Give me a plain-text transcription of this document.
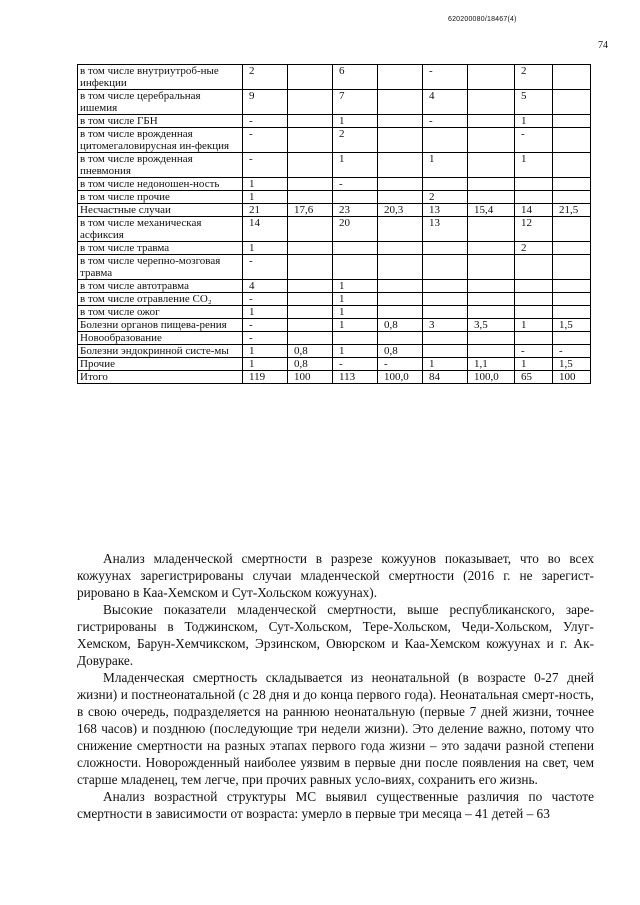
620200080/18467(4)
74
в том числе внутриутроб-ные инфекции	2		6		-		2	
в том числе церебральная ишемия	9		7		4		5	
в том числе ГБН	-		1		-		1	
в том числе врожденная цитомегаловирусная ин-фекция	-		2				-	
в том числе врожденная пневмония	-		1		1		1	
в том числе недоношен-ность	1		-					
в том числе прочие	1				2			
Несчастные случаи	21	17,6	23	20,3	13	15,4	14	21,5
в том числе механическая асфиксия	14		20		13		12	
в том числе травма	1						2	
в том числе черепно-мозговая травма	-							
в том числе автотравма	4		1					
в том числе отравление CO₂	-		1					
в том числе ожог	1		1					
Болезни органов пищева-рения	-		1	0,8	3	3,5	1	1,5
Новообразование	-							
Болезни эндокринной систе-мы	1	0,8	1	0,8			-	-
Прочие	1	0,8	-	-	1	1,1	1	1,5
Итого	119	100	113	100,0	84	100,0	65	100

Анализ младенческой смертности в разрезе кожуунов показывает, что во всех кожуунах зарегистрированы случаи младенческой смертности (2016 г. не зарегист-рировано в Каа-Хемском и Сут-Хольском кожуунах).

Высокие показатели младенческой смертности, выше республиканского, заре-гистрированы в Тоджинском, Сут-Хольском, Тере-Хольском, Чеди-Хольском, Улуг-Хемском, Барун-Хемчикском, Эрзинском, Овюрском и Каа-Хемском кожуунах и г. Ак-Довураке.

Младенческая смертность складывается из неонатальной (в возрасте 0-27 дней жизни) и постнеонатальной (с 28 дня и до конца первого года). Неонатальная смерт-ность, в свою очередь, подразделяется на раннюю неонатальную (первые 7 дней жизни, точнее 168 часов) и позднюю (последующие три недели жизни). Это деление важно, потому что снижение смертности на разных этапах первого года жизни – это задачи разной степени сложности. Новорожденный наиболее уязвим в первые дни после появления на свет, чем старше младенец, тем легче, при прочих равных усло-виях, сохранить его жизнь.

Анализ возрастной структуры МС выявил существенные различия по частоте смертности в зависимости от возраста: умерло в первые три месяца – 41 детей – 63
